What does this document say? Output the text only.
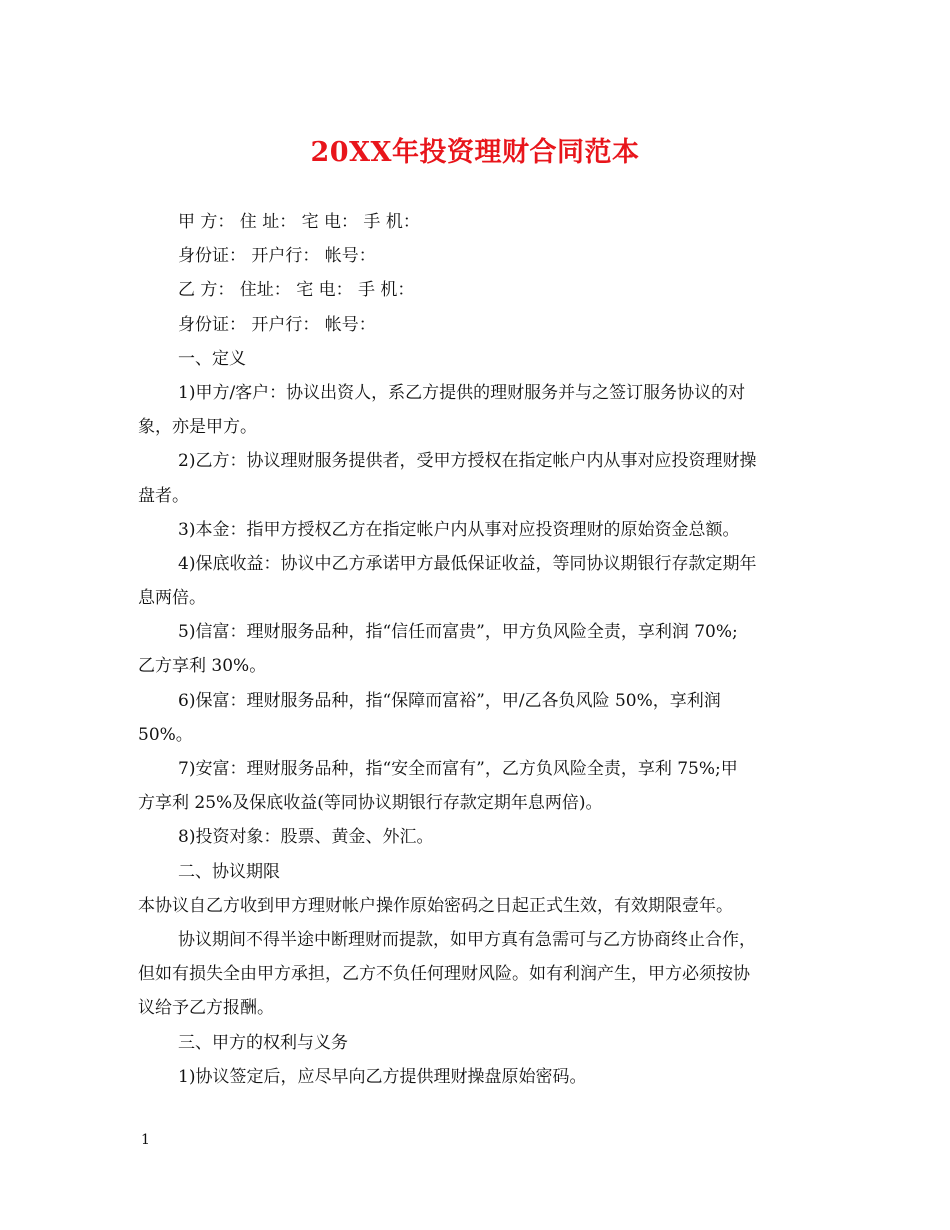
20XX年投资理财合同范本
甲 方： 住 址： 宅 电： 手 机：
身份证： 开户行： 帐号：
乙 方： 住址： 宅 电： 手 机：
身份证： 开户行： 帐号：
一、定义
1)甲方/客户：协议出资人，系乙方提供的理财服务并与之签订服务协议的对
象，亦是甲方。
2)乙方：协议理财服务提供者，受甲方授权在指定帐户内从事对应投资理财操
盘者。
3)本金：指甲方授权乙方在指定帐户内从事对应投资理财的原始资金总额。
4)保底收益：协议中乙方承诺甲方最低保证收益，等同协议期银行存款定期年
息两倍。
5)信富：理财服务品种，指“信任而富贵”，甲方负风险全责，享利润 70%;
乙方享利 30%。
6)保富：理财服务品种，指“保障而富裕”，甲/乙各负风险 50%，享利润
50%。
7)安富：理财服务品种，指“安全而富有”，乙方负风险全责，享利 75%;甲
方享利 25%及保底收益(等同协议期银行存款定期年息两倍)。
8)投资对象：股票、黄金、外汇。
二、协议期限
本协议自乙方收到甲方理财帐户操作原始密码之日起正式生效，有效期限壹年。
协议期间不得半途中断理财而提款，如甲方真有急需可与乙方协商终止合作，
但如有损失全由甲方承担，乙方不负任何理财风险。如有利润产生，甲方必须按协
议给予乙方报酬。
三、甲方的权利与义务
1)协议签定后，应尽早向乙方提供理财操盘原始密码。
1
